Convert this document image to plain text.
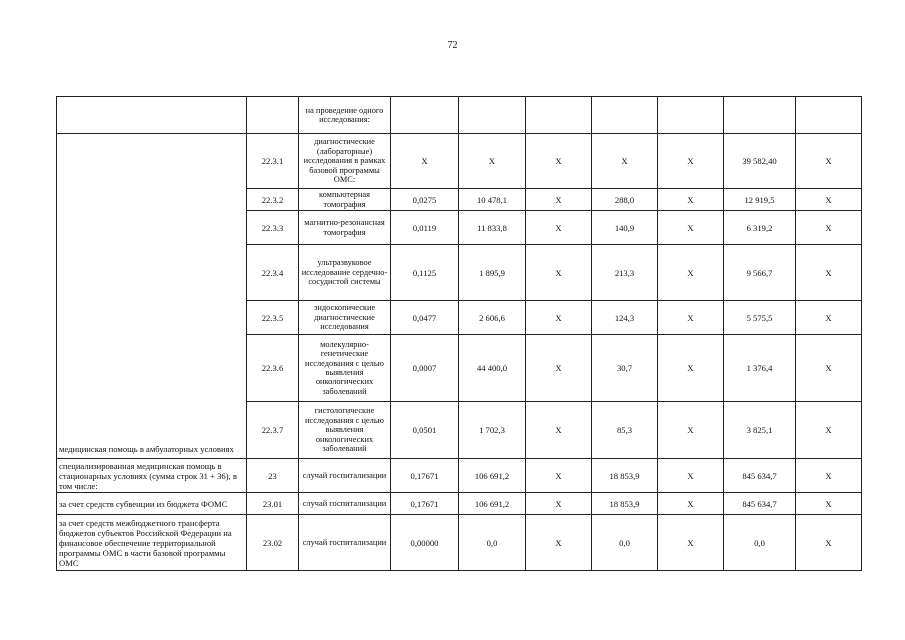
72
		на проведение одного исследования:							
медицинская помощь в амбулаторных условиях	22.3.1	диагностические (лабораторные) исследования в рамках базовой программы ОМС:	Х	Х	Х	Х	Х	39 582,40	Х
	22.3.2	компьютерная томография	0,0275	10 478,1	Х	288,0	Х	12 919,5	Х
	22.3.3	магнитно-резонансная томография	0,0119	11 833,8	Х	140,9	Х	6 319,2	Х
	22.3.4	ультразвуковое исследование сердечно-сосудистой системы	0,1125	1 895,9	Х	213,3	Х	9 566,7	Х
	22.3.5	эндоскопические диагностические исследования	0,0477	2 606,6	Х	124,3	Х	5 575,5	Х
	22.3.6	молекулярно-генетические исследования с целью выявления онкологических заболеваний	0,0007	44 400,0	Х	30,7	Х	1 376,4	Х
	22.3.7	гистологические исследования с целью выявления онкологических заболеваний	0,0501	1 702,3	Х	85,3	Х	3 825,1	Х
специализированная медицинская помощь в стационарных условиях (сумма строк 31 + 36), в том числе:	23	случай госпитализации	0,17671	106 691,2	Х	18 853,9	Х	845 634,7	Х
за счет средств субвенции из бюджета ФОМС	23.01	случай госпитализации	0,17671	106 691,2	Х	18 853,9	Х	845 634,7	Х
за счет средств межбюджетного трансферта бюджетов субъектов Российской Федерации на финансовое обеспечение территориальной программы ОМС в части базовой программы ОМС	23.02	случай госпитализации	0,00000	0,0	Х	0,0	Х	0,0	Х
